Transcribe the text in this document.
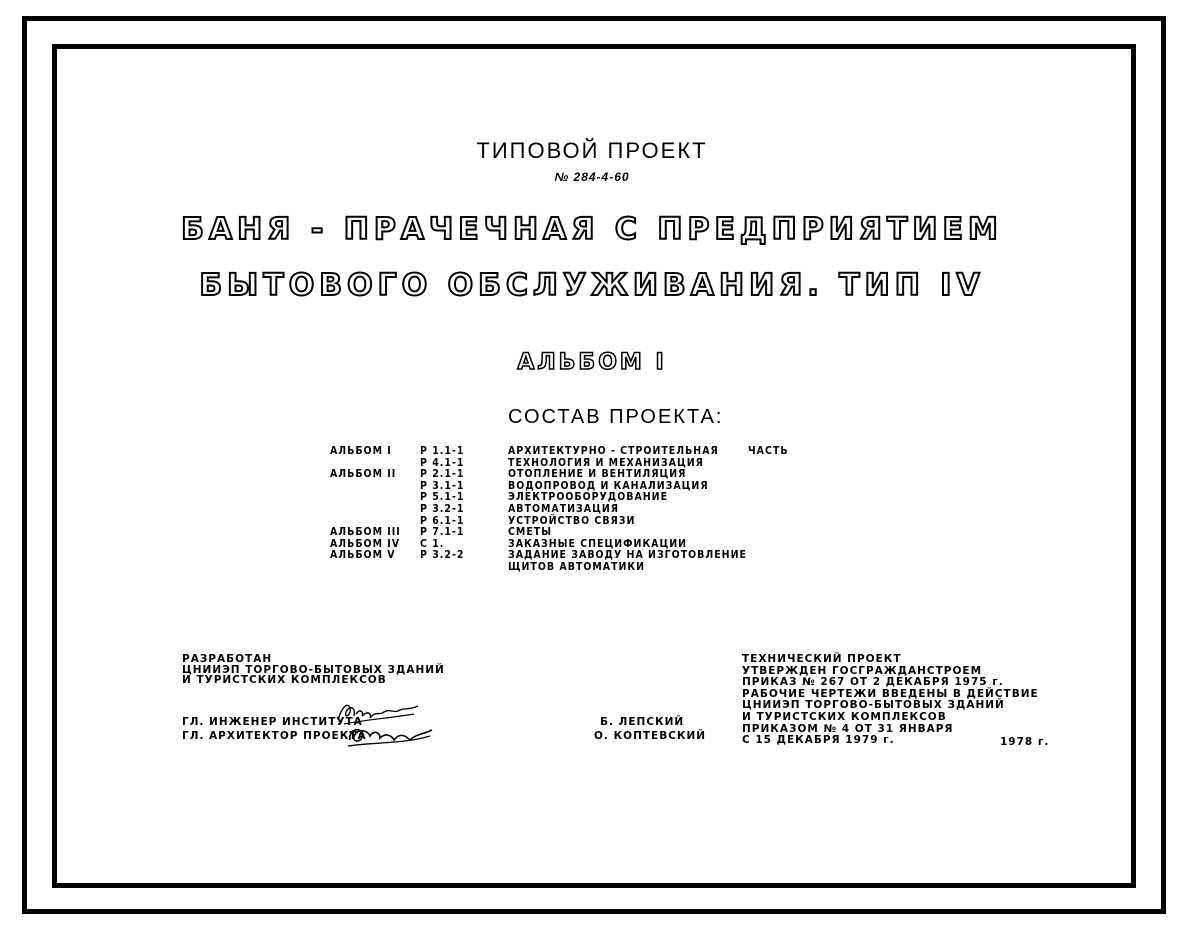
ТИПОВОЙ ПРОЕКТ
№ 284-4-60
БАНЯ - ПРАЧЕЧНАЯ С ПРЕДПРИЯТИЕМ
БЫТОВОГО ОБСЛУЖИВАНИЯ. ТИП IV
АЛЬБОМ I
СОСТАВ ПРОЕКТА:
АЛЬБОМ I	Р 1.1-1	АРХИТЕКТУРНО - СТРОИТЕЛЬНАЯ	ЧАСТЬ
	Р 4.1-1	ТЕХНОЛОГИЯ И МЕХАНИЗАЦИЯ	
АЛЬБОМ II	Р 2.1-1	ОТОПЛЕНИЕ И ВЕНТИЛЯЦИЯ	
	Р 3.1-1	ВОДОПРОВОД И КАНАЛИЗАЦИЯ	
	Р 5.1-1	ЭЛЕКТРООБОРУДОВАНИЕ	
	Р 3.2-1	АВТОМАТИЗАЦИЯ	
	Р 6.1-1	УСТРОЙСТВО СВЯЗИ	
АЛЬБОМ III	Р 7.1-1	СМЕТЫ	
АЛЬБОМ IV	С 1.	ЗАКАЗНЫЕ СПЕЦИФИКАЦИИ	
АЛЬБОМ V	Р 3.2-2	ЗАДАНИЕ ЗАВОДУ НА ИЗГОТОВЛЕНИЕ	
		ЩИТОВ АВТОМАТИКИ	
РАЗРАБОТАН
ЦНИИЭП ТОРГОВО-БЫТОВЫХ ЗДАНИЙ
И ТУРИСТСКИХ КОМПЛЕКСОВ
ГЛ. ИНЖЕНЕР ИНСТИТУТА	Б. ЛЕПСКИЙ
ГЛ. АРХИТЕКТОР ПРОЕКТА	О. КОПТЕВСКИЙ
ТЕХНИЧЕСКИЙ ПРОЕКТ
УТВЕРЖДЕН ГОСГРАЖДАНСТРОЕМ
ПРИКАЗ № 267 ОТ 2 ДЕКАБРЯ 1975 г.
РАБОЧИЕ ЧЕРТЕЖИ ВВЕДЕНЫ В ДЕЙСТВИЕ
ЦНИИЭП ТОРГОВО-БЫТОВЫХ ЗДАНИЙ
И ТУРИСТСКИХ КОМПЛЕКСОВ
ПРИКАЗОМ № 4 ОТ 31 ЯНВАРЯ
С 15 ДЕКАБРЯ 1979 г.	1978 г.
